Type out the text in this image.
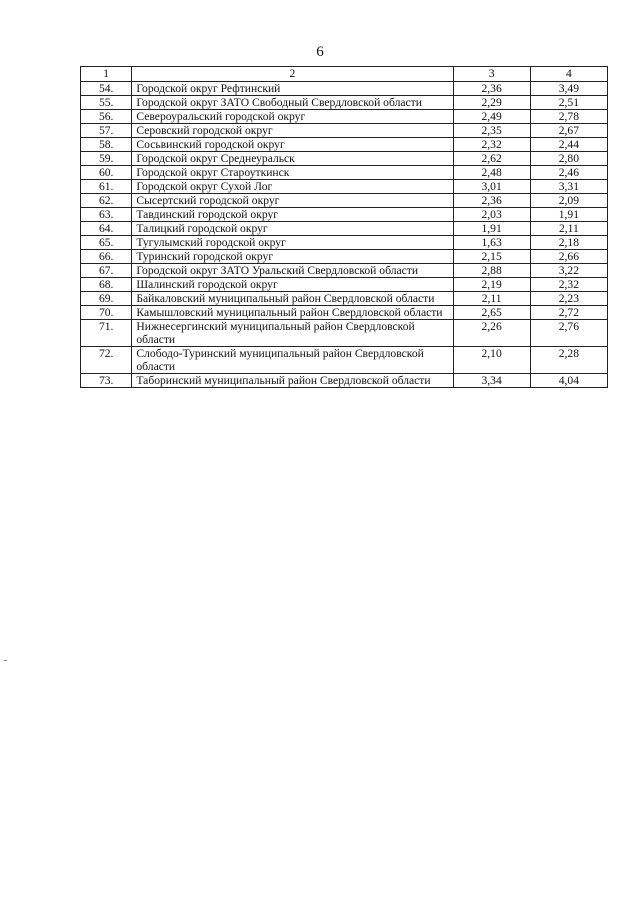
6
1	2	3	4
54.	Городской округ Рефтинский	2,36	3,49
55.	Городской округ ЗАТО Свободный Свердловской области	2,29	2,51
56.	Североуральский городской округ	2,49	2,78
57.	Серовский городской округ	2,35	2,67
58.	Сосьвинский городской округ	2,32	2,44
59.	Городской округ Среднеуральск	2,62	2,80
60.	Городской округ Староуткинск	2,48	2,46
61.	Городской округ Сухой Лог	3,01	3,31
62.	Сысертский городской округ	2,36	2,09
63.	Тавдинский городской округ	2,03	1,91
64.	Талицкий городской округ	1,91	2,11
65.	Тугулымский городской округ	1,63	2,18
66.	Туринский городской округ	2,15	2,66
67.	Городской округ ЗАТО Уральский Свердловской области	2,88	3,22
68.	Шалинский городской округ	2,19	2,32
69.	Байкаловский муниципальный район Свердловской области	2,11	2,23
70.	Камышловский муниципальный район Свердловской области	2,65	2,72
71.	Нижнесергинский муниципальный район Свердловской области	2,26	2,76
72.	Слободо-Туринский муниципальный район Свердловской области	2,10	2,28
73.	Таборинский муниципальный район Свердловской области	3,34	4,04
